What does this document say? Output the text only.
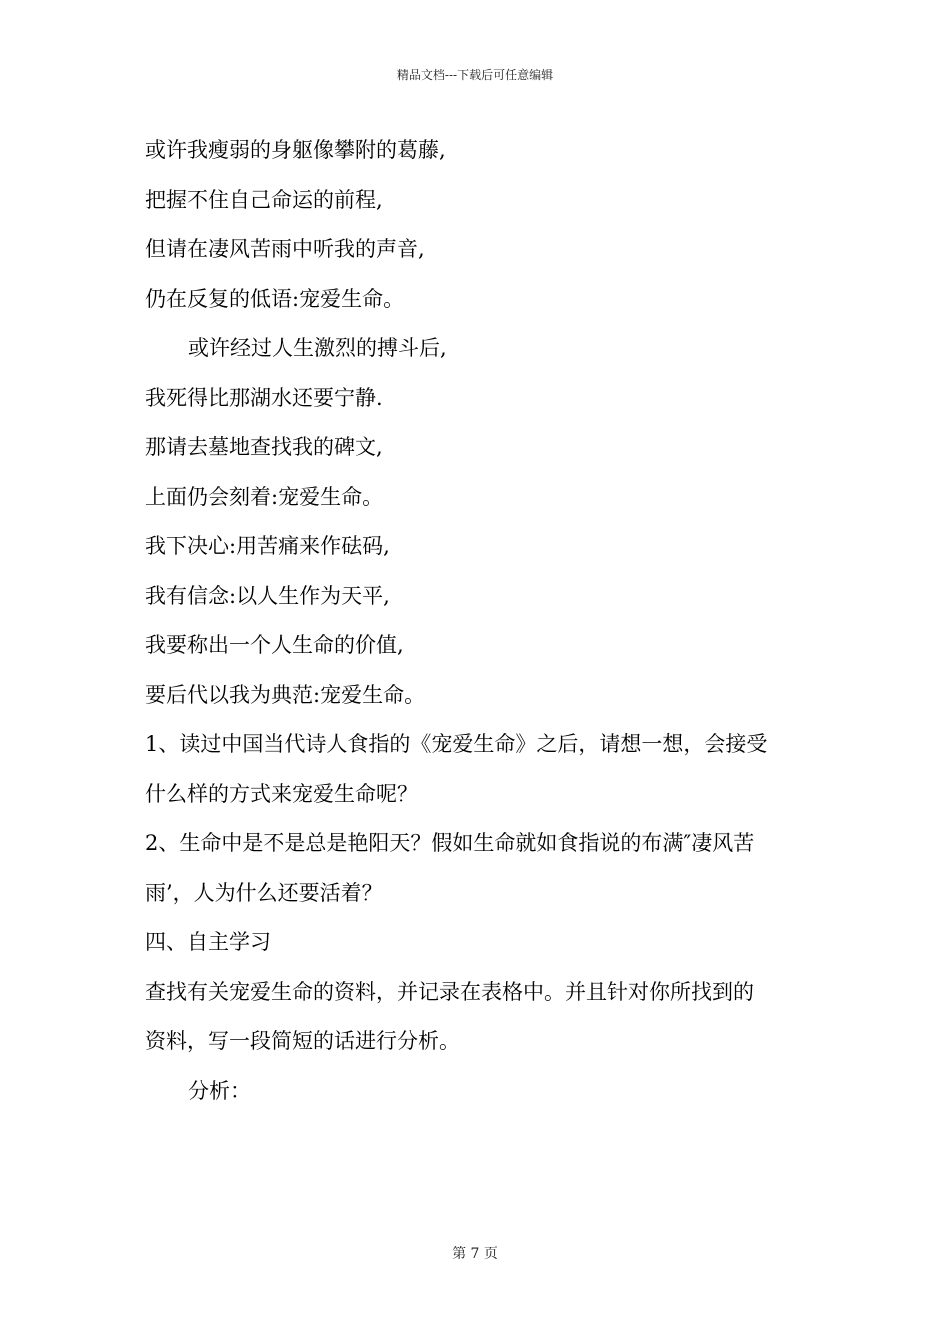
精品文档---下载后可任意编辑
或许我瘦弱的身躯像攀附的葛藤,
把握不住自己命运的前程,
但请在凄风苦雨中听我的声音,
仍在反复的低语:宠爱生命。
或许经过人生激烈的搏斗后,
我死得比那湖水还要宁静.
那请去墓地查找我的碑文,
上面仍会刻着:宠爱生命。
我下决心:用苦痛来作砝码,
我有信念:以人生作为天平,
我要称出一个人生命的价值,
要后代以我为典范:宠爱生命。
1、读过中国当代诗人食指的《宠爱生命》之后，请想一想，会接受
什么样的方式来宠爱生命呢？
2、生命中是不是总是艳阳天？假如生命就如食指说的布满″凄风苦
雨’，人为什么还要活着？
四、自主学习
查找有关宠爱生命的资料，并记录在表格中。并且针对你所找到的
资料，写一段简短的话进行分析。
分析：
第 7 页
